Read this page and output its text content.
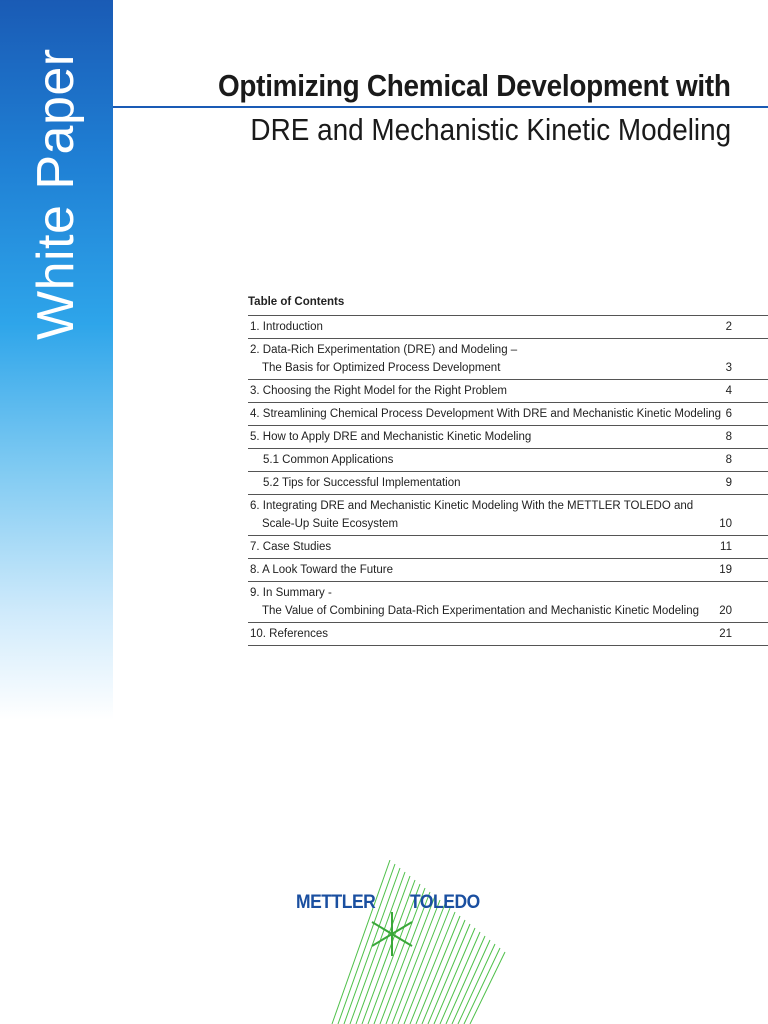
White Paper	Optimizing Chemical Development with
DRE and Mechanistic Kinetic Modeling
Table of Contents
1. Introduction	2
2. Data-Rich Experimentation (DRE) and Modeling –
The Basis for Optimized Process Development	3
3. Choosing the Right Model for the Right Problem	4
4. Streamlining Chemical Process Development With DRE and Mechanistic Kinetic Modeling 6
5. How to Apply DRE and Mechanistic Kinetic Modeling	8
5.1 Common Applications	8
5.2 Tips for Successful Implementation	9
6. Integrating DRE and Mechanistic Kinetic Modeling With the METTLER TOLEDO and
Scale-Up Suite Ecosystem	10
7. Case Studies	11
8. A Look Toward the Future	19
9. In Summary -
The Value of Combining Data-Rich Experimentation and Mechanistic Kinetic Modeling	20
10. References	21
METTLER TOLEDO
